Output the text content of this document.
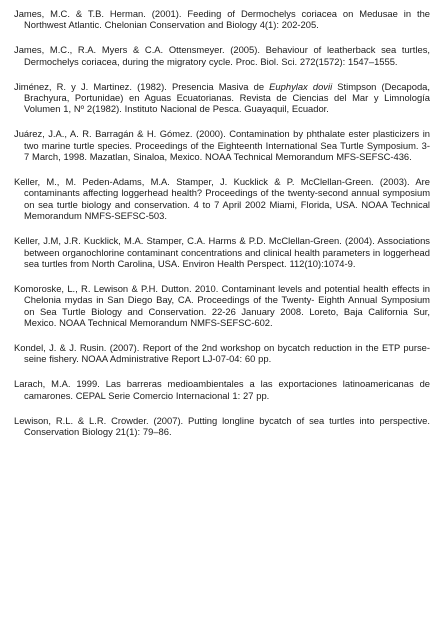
James, M.C. & T.B. Herman. (2001). Feeding of Dermochelys coriacea on Medusae in the Northwest Atlantic. Chelonian Conservation and Biology 4(1): 202-205.

James, M.C., R.A. Myers & C.A. Ottensmeyer. (2005). Behaviour of leatherback sea turtles, Dermochelys coriacea, during the migratory cycle. Proc. Biol. Sci. 272(1572): 1547–1555.

Jiménez, R. y J. Martinez. (1982). Presencia Masiva de Euphylax dovii Stimpson (Decapoda, Brachyura, Portunidae) en Aguas Ecuatorianas. Revista de Ciencias del Mar y Limnología Volumen 1, Nº 2(1982). Instituto Nacional de Pesca. Guayaquil, Ecuador.

Juárez, J.A., A. R. Barragán & H. Gómez. (2000). Contamination by phthalate ester plasticizers in two marine turtle species. Proceedings of the Eighteenth International Sea Turtle Symposium. 3-7 March, 1998. Mazatlan, Sinaloa, Mexico. NOAA Technical Memorandum MFS-SEFSC-436.

Keller, M., M. Peden-Adams, M.A. Stamper, J. Kucklick & P. McClellan-Green. (2003). Are contaminants affecting loggerhead health? Proceedings of the twenty-second annual symposium on sea turtle biology and conservation. 4 to 7 April 2002 Miami, Florida, USA. NOAA Technical Memorandum NMFS-SEFSC-503.

Keller, J.M, J.R. Kucklick, M.A. Stamper, C.A. Harms & P.D. McClellan-Green. (2004). Associations between organochlorine contaminant concentrations and clinical health parameters in loggerhead sea turtles from North Carolina, USA. Environ Health Perspect. 112(10):1074-9.

Komoroske, L., R. Lewison & P.H. Dutton. 2010. Contaminant levels and potential health effects in Chelonia mydas in San Diego Bay, CA. Proceedings of the Twenty- Eighth Annual Symposium on Sea Turtle Biology and Conservation. 22-26 January 2008. Loreto, Baja California Sur, Mexico. NOAA Technical Memorandum NMFS-SEFSC-602.

Kondel, J. & J. Rusin. (2007). Report of the 2nd workshop on bycatch reduction in the ETP purse-seine fishery. NOAA Administrative Report LJ-07-04: 60 pp.

Larach, M.A. 1999. Las barreras medioambientales a las exportaciones latinoamericanas de camarones. CEPAL Serie Comercio Internacional 1: 27 pp.

Lewison, R.L. & L.R. Crowder. (2007). Putting longline bycatch of sea turtles into perspective. Conservation Biology 21(1): 79–86.
